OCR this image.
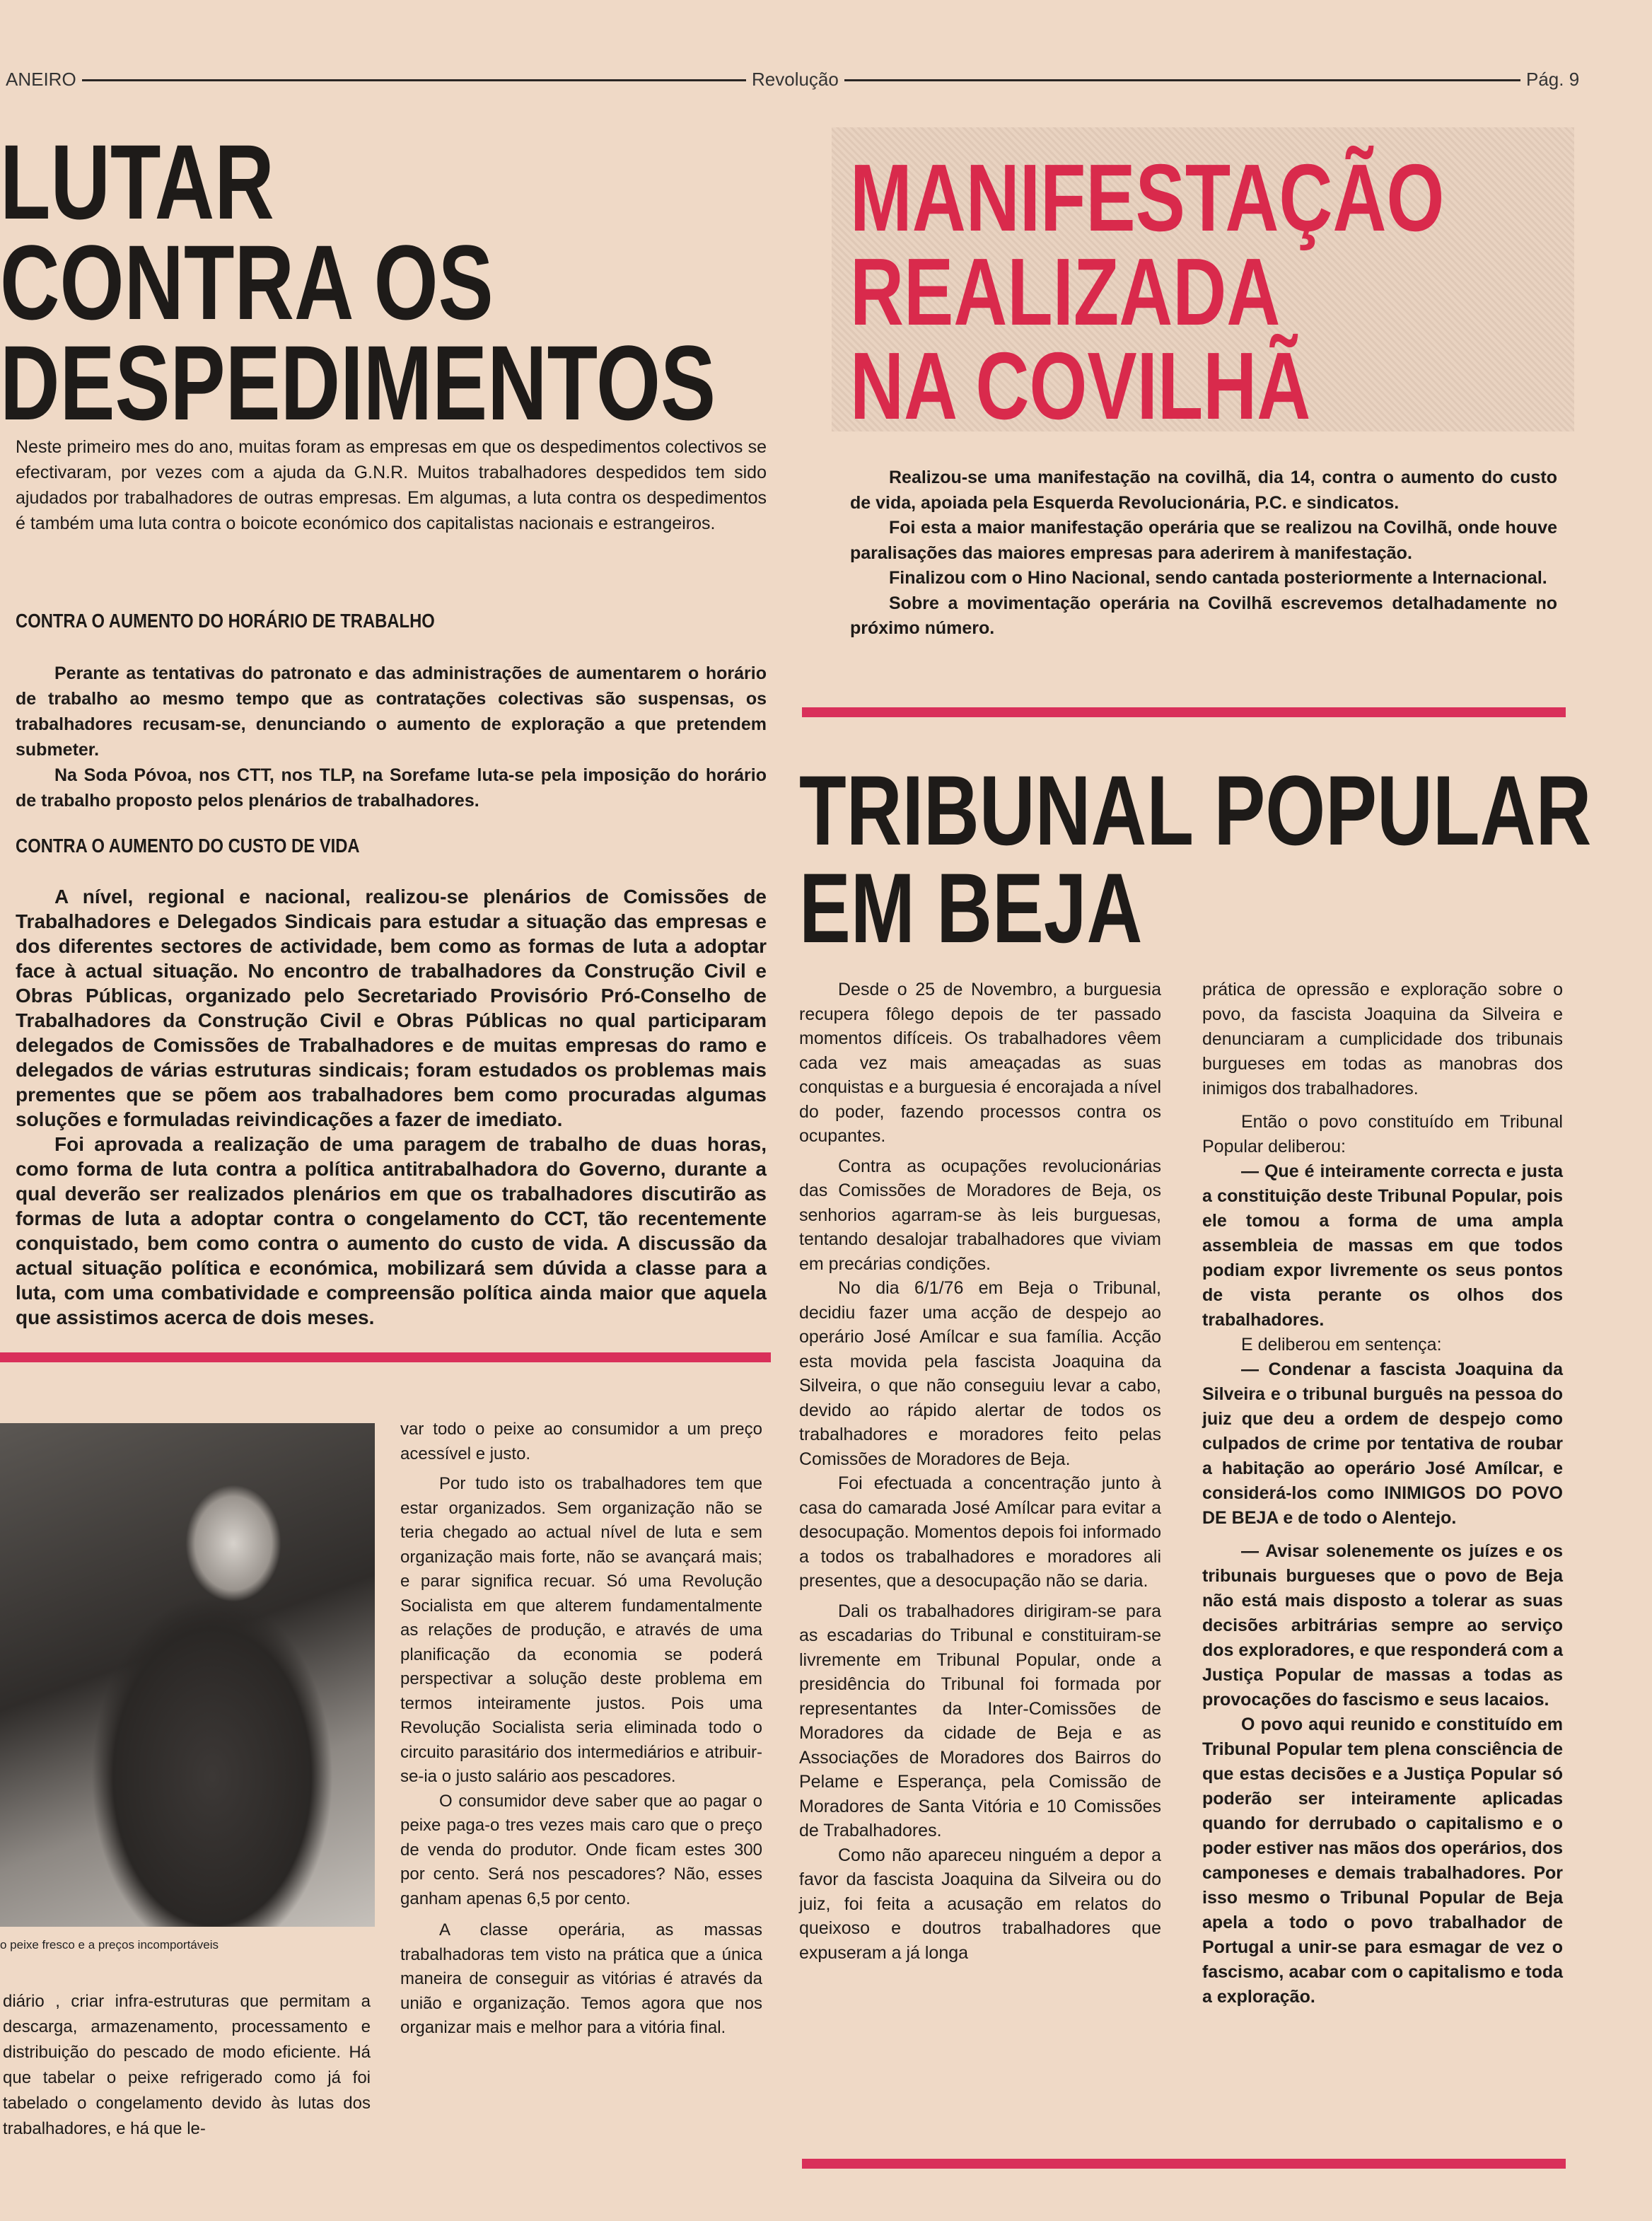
ANEIRO	Revolução	Pág. 9
LUTAR
CONTRA OS
DESPEDIMENTOS

Neste primeiro mes do ano, muitas foram as empresas em que os despedimentos colectivos se efectivaram, por vezes com a ajuda da G.N.R. Muitos trabalhadores despedidos tem sido ajudados por trabalhadores de outras empresas. Em algumas, a luta contra os despedimentos é também uma luta contra o boicote económico dos capitalistas nacionais e estrangeiros.

CONTRA O AUMENTO DO HORÁRIO DE TRABALHO

Perante as tentativas do patronato e das administrações de aumentarem o horário de trabalho ao mesmo tempo que as contratações colectivas são suspensas, os trabalhadores recusam-se, denunciando o aumento de exploração a que pretendem submeter.

Na Soda Póvoa, nos CTT, nos TLP, na Sorefame luta-se pela imposição do horário de trabalho proposto pelos plenários de trabalhadores.

CONTRA O AUMENTO DO CUSTO DE VIDA

A nível, regional e nacional, realizou-se plenários de Comissões de Trabalhadores e Delegados Sindicais para estudar a situação das empresas e dos diferentes sectores de actividade, bem como as formas de luta a adoptar face à actual situação. No encontro de trabalhadores da Construção Civil e Obras Públicas, organizado pelo Secretariado Provisório Pró-Conselho de Trabalhadores da Construção Civil e Obras Públicas no qual participaram delegados de Comissões de Trabalhadores e de muitas empresas do ramo e delegados de várias estruturas sindicais; foram estudados os problemas mais prementes que se põem aos trabalhadores bem como procuradas algumas soluções e formuladas reivindicações a fazer de imediato.

Foi aprovada a realização de uma paragem de trabalho de duas horas, como forma de luta contra a política antitrabalhadora do Governo, durante a qual deverão ser realizados plenários em que os trabalhadores discutirão as formas de luta a adoptar contra o congelamento do CCT, tão recentemente conquistado, bem como contra o aumento do custo de vida. A discussão da actual situação política e económica, mobilizará sem dúvida a classe para a luta, com uma combatividade e compreensão política ainda maior que aquela que assistimos acerca de dois meses.

o peixe fresco e a preços incomportáveis

diário , criar infra-estruturas que permitam a descarga, armazenamento, processamento e distribuição do pescado de modo eficiente. Há que tabelar o peixe refrigerado como já foi tabelado o congelamento devido às lutas dos trabalhadores, e há que le-

var todo o peixe ao consumidor a um preço acessível e justo.

Por tudo isto os trabalhadores tem que estar organizados. Sem organização não se teria chegado ao actual nível de luta e sem organização mais forte, não se avançará mais; e parar significa recuar. Só uma Revolução Socialista em que alterem fundamentalmente as relações de produção, e através de uma planificação da economia se poderá perspectivar a solução deste problema em termos inteiramente justos. Pois uma Revolução Socialista seria eliminada todo o circuito parasitário dos intermediários e atribuir-se-ia o justo salário aos pescadores.

O consumidor deve saber que ao pagar o peixe paga-o tres vezes mais caro que o preço de venda do produtor. Onde ficam estes 300 por cento. Será nos pescadores? Não, esses ganham apenas 6,5 por cento.

A classe operária, as massas trabalhadoras tem visto na prática que a única maneira de conseguir as vitórias é através da união e organização. Temos agora que nos organizar mais e melhor para a vitória final.

MANIFESTAÇÃO
REALIZADA
NA COVILHÃ

Realizou-se uma manifestação na covilhã, dia 14, contra o aumento do custo de vida, apoiada pela Esquerda Revolucionária, P.C. e sindicatos.

Foi esta a maior manifestação operária que se realizou na Covilhã, onde houve paralisações das maiores empresas para aderirem à manifestação.

Finalizou com o Hino Nacional, sendo cantada posteriormente a Internacional.

Sobre a movimentação operária na Covilhã escrevemos detalhadamente no próximo número.

TRIBUNAL POPULAR
EM BEJA

Desde o 25 de Novembro, a burguesia recupera fôlego depois de ter passado momentos difíceis. Os trabalhadores vêem cada vez mais ameaçadas as suas conquistas e a burguesia é encorajada a nível do poder, fazendo processos contra os ocupantes.

Contra as ocupações revolucionárias das Comissões de Moradores de Beja, os senhorios agarram-se às leis burguesas, tentando desalojar trabalhadores que viviam em precárias condições.

No dia 6/1/76 em Beja o Tribunal, decidiu fazer uma acção de despejo ao operário José Amílcar e sua família. Acção esta movida pela fascista Joaquina da Silveira, o que não conseguiu levar a cabo, devido ao rápido alertar de todos os trabalhadores e moradores feito pelas Comissões de Moradores de Beja.

Foi efectuada a concentração junto à casa do camarada José Amílcar para evitar a desocupação. Momentos depois foi informado a todos os trabalhadores e moradores ali presentes, que a desocupação não se daria.

Dali os trabalhadores dirigiram-se para as escadarias do Tribunal e constituiram-se livremente em Tribunal Popular, onde a presidência do Tribunal foi formada por representantes da Inter-Comissões de Moradores da cidade de Beja e as Associações de Moradores dos Bairros do Pelame e Esperança, pela Comissão de Moradores de Santa Vitória e 10 Comissões de Trabalhadores.

Como não apareceu ninguém a depor a favor da fascista Joaquina da Silveira ou do juiz, foi feita a acusação em relatos do queixoso e doutros trabalhadores que expuseram a já longa

prática de opressão e exploração sobre o povo, da fascista Joaquina da Silveira e denunciaram a cumplicidade dos tribunais burgueses em todas as manobras dos inimigos dos trabalhadores.

Então o povo constituído em Tribunal Popular deliberou:

— Que é inteiramente correcta e justa a constituição deste Tribunal Popular, pois ele tomou a forma de uma ampla assembleia de massas em que todos podiam expor livremente os seus pontos de vista perante os olhos dos trabalhadores.

E deliberou em sentença:

— Condenar a fascista Joaquina da Silveira e o tribunal burguês na pessoa do juiz que deu a ordem de despejo como culpados de crime por tentativa de roubar a habitação ao operário José Amílcar, e considerá-los como INIMIGOS DO POVO DE BEJA e de todo o Alentejo.

— Avisar solenemente os juízes e os tribunais burgueses que o povo de Beja não está mais disposto a tolerar as suas decisões arbitrárias sempre ao serviço dos exploradores, e que responderá com a Justiça Popular de massas a todas as provocações do fascismo e seus lacaios.

O povo aqui reunido e constituído em Tribunal Popular tem plena consciência de que estas decisões e a Justiça Popular só poderão ser inteiramente aplicadas quando for derrubado o capitalismo e o poder estiver nas mãos dos operários, dos camponeses e demais trabalhadores. Por isso mesmo o Tribunal Popular de Beja apela a todo o povo trabalhador de Portugal a unir-se para esmagar de vez o fascismo, acabar com o capitalismo e toda a exploração.
